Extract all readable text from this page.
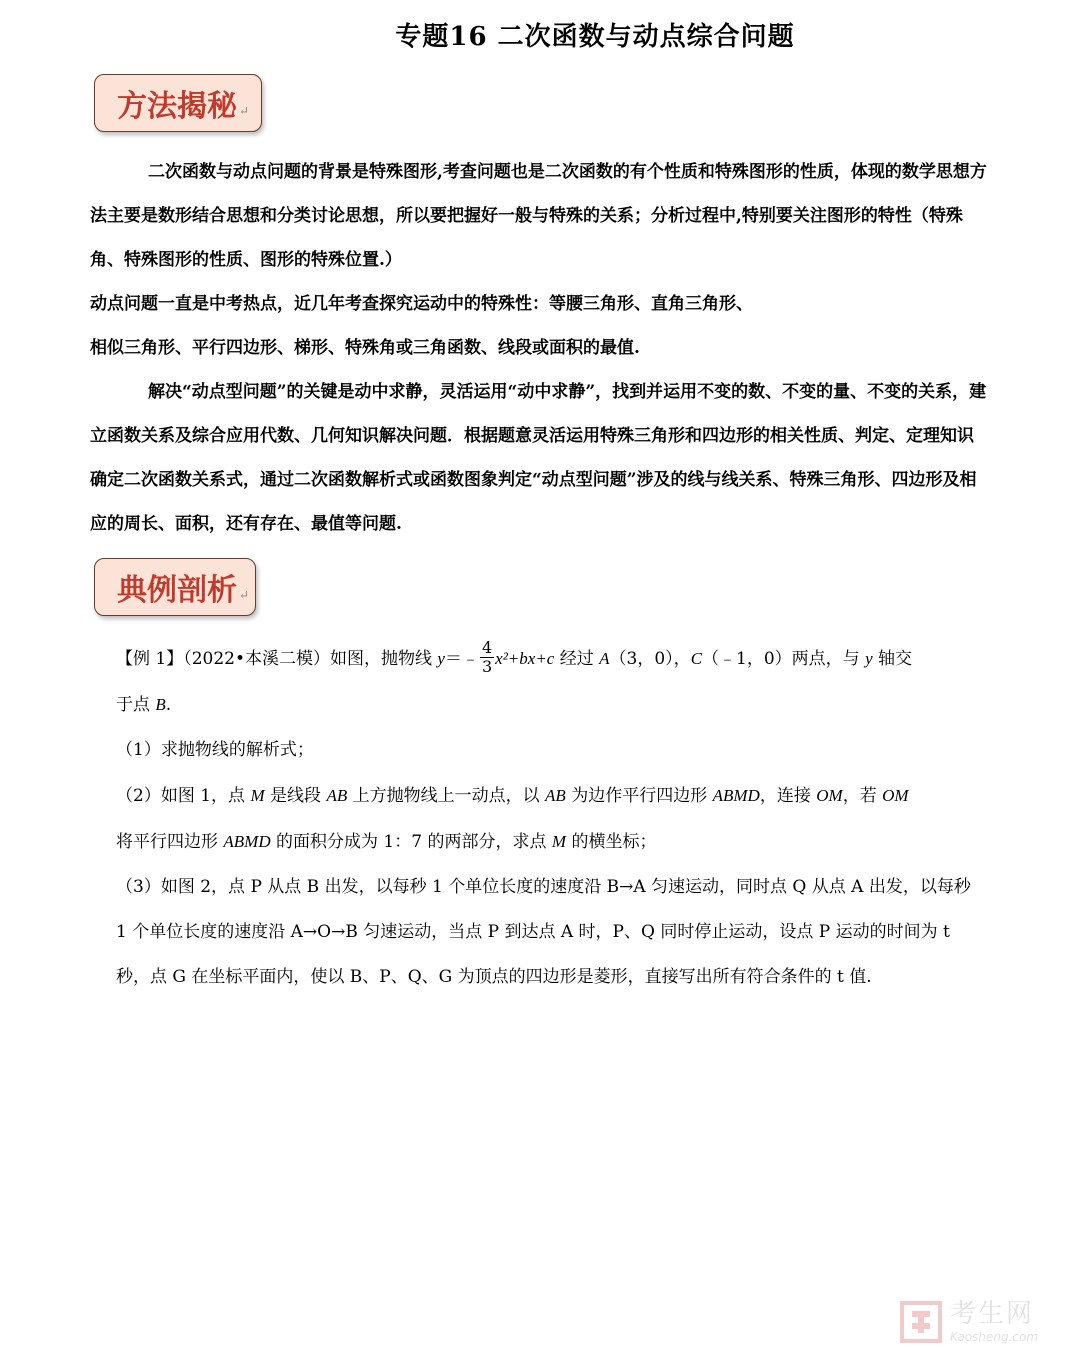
专题16 二次函数与动点综合问题
方法揭秘 ↵

二次函数与动点问题的背景是特殊图形,考查问题也是二次函数的有个性质和特殊图形的性质，体现的数学思想方法主要是数形结合思想和分类讨论思想，所以要把握好一般与特殊的关系；分析过程中,特别要关注图形的特性（特殊角、特殊图形的性质、图形的特殊位置.）

动点问题一直是中考热点，近几年考查探究运动中的特殊性：等腰三角形、直角三角形、

相似三角形、平行四边形、梯形、特殊角或三角函数、线段或面积的最值.

解决“动点型问题”的关键是动中求静，灵活运用“动中求静”，找到并运用不变的数、不变的量、不变的关系，建立函数关系及综合应用代数、几何知识解决问题．根据题意灵活运用特殊三角形和四边形的相关性质、判定、定理知识确定二次函数关系式，通过二次函数解析式或函数图象判定“动点型问题”涉及的线与线关系、特殊三角形、四边形及相应的周长、面积，还有存在、最值等问题.

典例剖析 ↵

【例 1】（2022•本溪二模）如图，抛物线 y＝﹣ $\frac{4}{3} x^2+bx+c$ 经过 A（3，0），C（﹣1，0）两点，与 y 轴交
于点 B.

（1）求抛物线的解析式；

（2）如图 1，点 M 是线段 AB 上方抛物线上一动点，以 AB 为边作平行四边形 ABMD，连接 OM，若 OM
将平行四边形 ABMD 的面积分成为 1：7 的两部分，求点 M 的横坐标；

（3）如图 2，点 P 从点 B 出发，以每秒 1 个单位长度的速度沿 B→A 匀速运动，同时点 Q 从点 A 出发，以每秒 1 个单位长度的速度沿 A→O→B 匀速运动，当点 P 到达点 A 时，P、Q 同时停止运动，设点 P 运动的时间为 t 秒，点 G 在坐标平面内，使以 B、P、Q、G 为顶点的四边形是菱形，直接写出所有符合条件的 t 值.

考生网
Kaosheng.com
